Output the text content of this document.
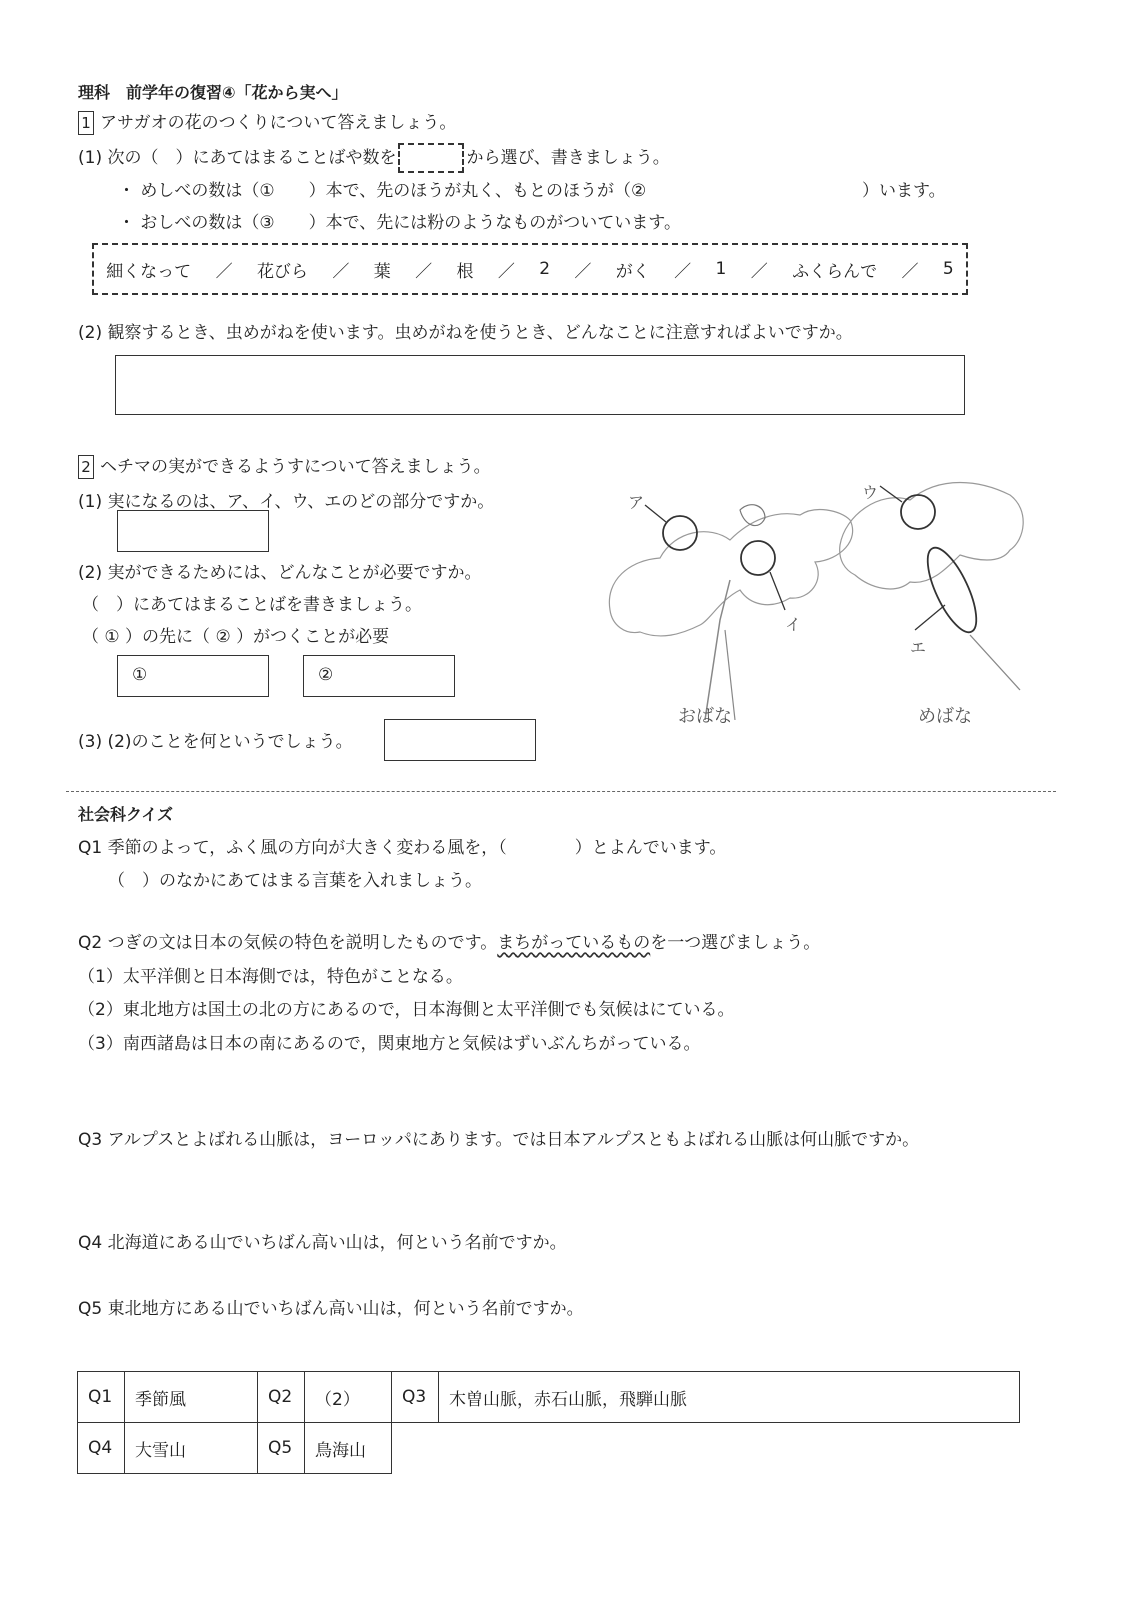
理科　前学年の復習④「花から実へ」
1 アサガオの花のつくりについて答えましょう。
(1) 次の（　）にあてはまることばや数を	から選び、書きましょう。
・ めしべの数は（①　　）本で、先のほうが丸く、もとのほうが（②	）います。
・ おしべの数は（③　　）本で、先には粉のようなものがついています。
細くなって ／ 花びら ／ 葉 ／ 根 ／ 2 ／ がく ／ 1 ／ ふくらんで ／ 5
(2) 観察するとき、虫めがねを使います。虫めがねを使うとき、どんなことに注意すればよいですか。
2 ヘチマの実ができるようすについて答えましょう。
(1) 実になるのは、ア、イ、ウ、エのどの部分ですか。
(2) 実ができるためには、どんなことが必要ですか。
（　）にあてはまることばを書きましょう。
（ ① ）の先に（ ② ）がつくことが必要
①	②
(3) (2)のことを何というでしょう。
ア
イ
ウ
エ
おばな	めばな
社会科クイズ
Q1 季節のよって，ふく風の方向が大きく変わる風を，（　　　　）とよんでいます。
（　）のなかにあてはまる言葉を入れましょう。
Q2 つぎの文は日本の気候の特色を説明したものです。まちがっているものを一つ選びましょう。
（1）太平洋側と日本海側では，特色がことなる。
（2）東北地方は国土の北の方にあるので，日本海側と太平洋側でも気候はにている。
（3）南西諸島は日本の南にあるので，関東地方と気候はずいぶんちがっている。
Q3 アルプスとよばれる山脈は，ヨーロッパにあります。では日本アルプスともよばれる山脈は何山脈ですか。
Q4 北海道にある山でいちばん高い山は，何という名前ですか。
Q5 東北地方にある山でいちばん高い山は，何という名前ですか。
Q1	季節風	Q2	（2）	Q3	木曽山脈，赤石山脈，飛騨山脈
Q4	大雪山	Q5	鳥海山		
